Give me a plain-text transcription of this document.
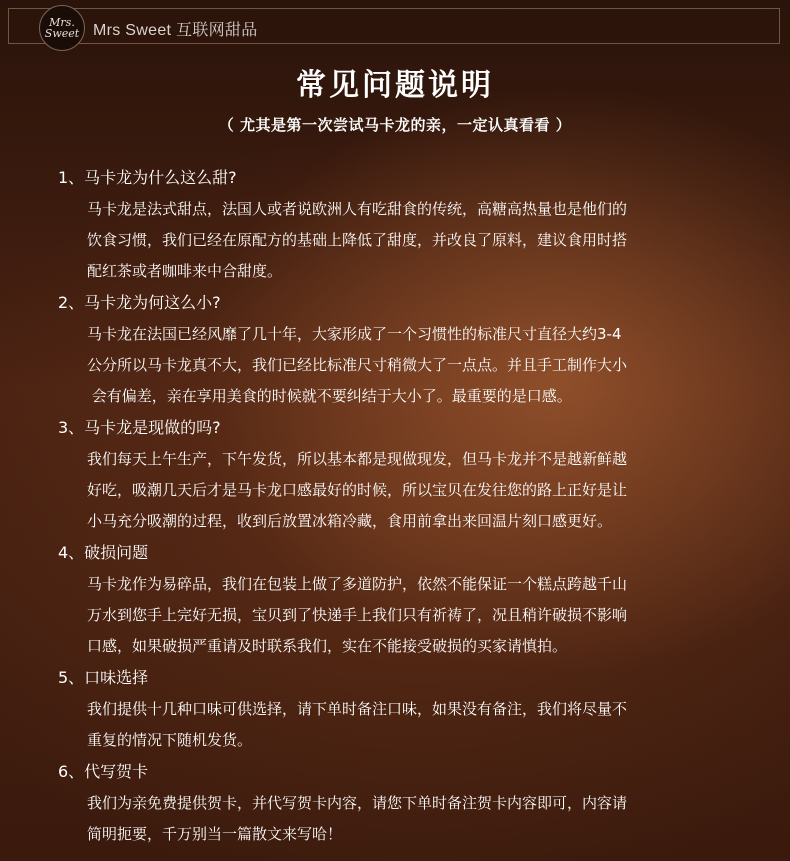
Mrs. Sweet Mrs Sweet 互联网甜品
常见问题说明
（ 尤其是第一次尝试马卡龙的亲，一定认真看看 ）
1、马卡龙为什么这么甜?
马卡龙是法式甜点，法国人或者说欧洲人有吃甜食的传统，高糖高热量也是他们的
饮食习惯，我们已经在原配方的基础上降低了甜度，并改良了原料，建议食用时搭
配红茶或者咖啡来中合甜度。
2、马卡龙为何这么小?
马卡龙在法国已经风靡了几十年，大家形成了一个习惯性的标准尺寸直径大约3-4
公分所以马卡龙真不大，我们已经比标准尺寸稍微大了一点点。并且手工制作大小
会有偏差，亲在享用美食的时候就不要纠结于大小了。最重要的是口感。
3、马卡龙是现做的吗?
我们每天上午生产，下午发货，所以基本都是现做现发，但马卡龙并不是越新鲜越
好吃，吸潮几天后才是马卡龙口感最好的时候，所以宝贝在发往您的路上正好是让
小马充分吸潮的过程，收到后放置冰箱冷藏，食用前拿出来回温片刻口感更好。
4、破损问题
马卡龙作为易碎品，我们在包装上做了多道防护，依然不能保证一个糕点跨越千山
万水到您手上完好无损，宝贝到了快递手上我们只有祈祷了，况且稍许破损不影响
口感，如果破损严重请及时联系我们，实在不能接受破损的买家请慎拍。
5、口味选择
我们提供十几种口味可供选择，请下单时备注口味，如果没有备注，我们将尽量不
重复的情况下随机发货。
6、代写贺卡
我们为亲免费提供贺卡，并代写贺卡内容，请您下单时备注贺卡内容即可，内容请
简明扼要，千万别当一篇散文来写哈！
